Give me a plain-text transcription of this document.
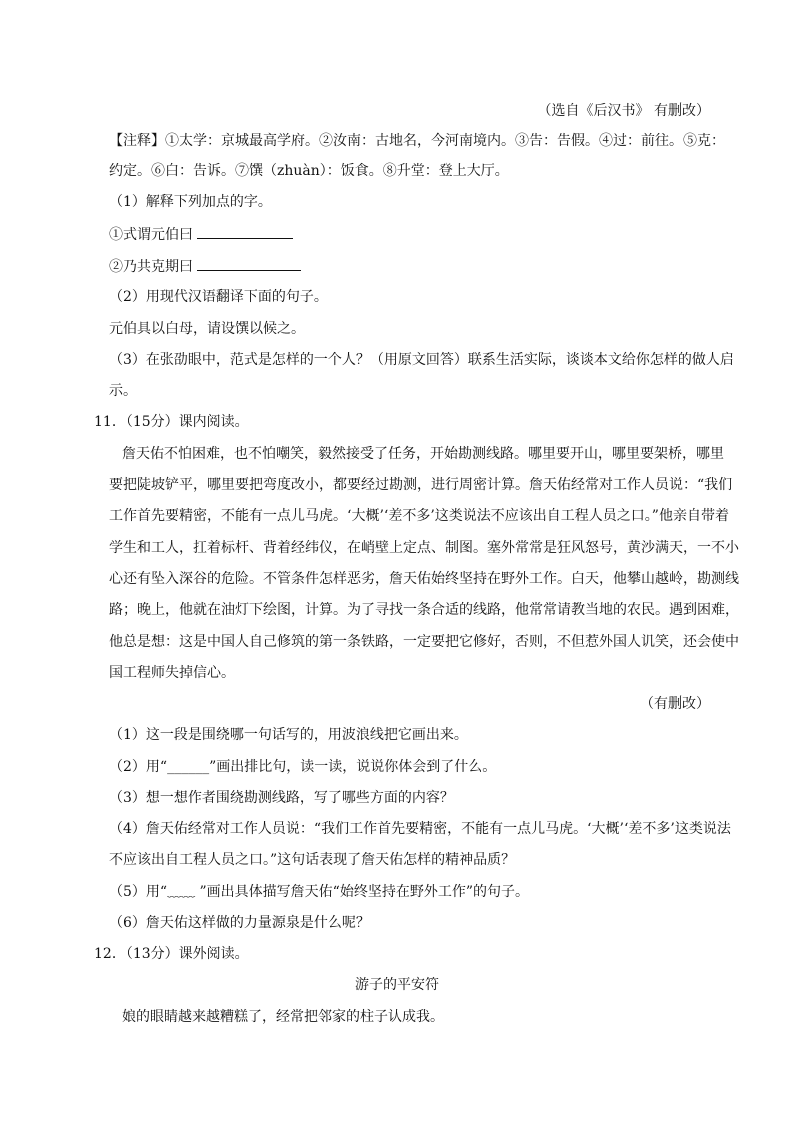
（选自《后汉书》 有删改）
【注释】①太学：京城最高学府。②汝南：古地名，今河南境内。③告：告假。④过：前往。⑤克：
约定。⑥白：告诉。⑦馔（zhuàn）：饭食。⑧升堂：登上大厅。
（1）解释下列加点的字。
①式谓元伯曰
②乃共克期曰
（2）用现代汉语翻译下面的句子。
元伯具以白母，请设馔以候之。
（3）在张劭眼中，范式是怎样的一个人？（用原文回答）联系生活实际，谈谈本文给你怎样的做人启
示。
11．（15分）课内阅读。
詹天佑不怕困难，也不怕嘲笑，毅然接受了任务，开始勘测线路。哪里要开山，哪里要架桥，哪里
要把陡坡铲平，哪里要把弯度改小，都要经过勘测，进行周密计算。詹天佑经常对工作人员说：“我们
工作首先要精密，不能有一点儿马虎。‘大概’‘差不多’这类说法不应该出自工程人员之口。”他亲自带着
学生和工人，扛着标杆、背着经纬仪，在峭壁上定点、制图。塞外常常是狂风怒号，黄沙满天，一不小
心还有坠入深谷的危险。不管条件怎样恶劣，詹天佑始终坚持在野外工作。白天，他攀山越岭，勘测线
路；晚上，他就在油灯下绘图，计算。为了寻找一条合适的线路，他常常请教当地的农民。遇到困难，
他总是想：这是中国人自己修筑的第一条铁路，一定要把它修好，否则，不但惹外国人讥笑，还会使中
国工程师失掉信心。
（有删改）
（1）这一段是围绕哪一句话写的，用波浪线把它画出来。
（2）用“______”画出排比句，读一读，说说你体会到了什么。
（3）想一想作者围绕勘测线路，写了哪些方面的内容？
（4）詹天佑经常对工作人员说：“我们工作首先要精密，不能有一点儿马虎。‘大概’‘差不多’这类说法
不应该出自工程人员之口。”这句话表现了詹天佑怎样的精神品质？
（5）用“﹏﹏ ”画出具体描写詹天佑“始终坚持在野外工作”的句子。
（6）詹天佑这样做的力量源泉是什么呢？
12．（13分）课外阅读。
游子的平安符
娘的眼睛越来越糟糕了，经常把邻家的柱子认成我。
